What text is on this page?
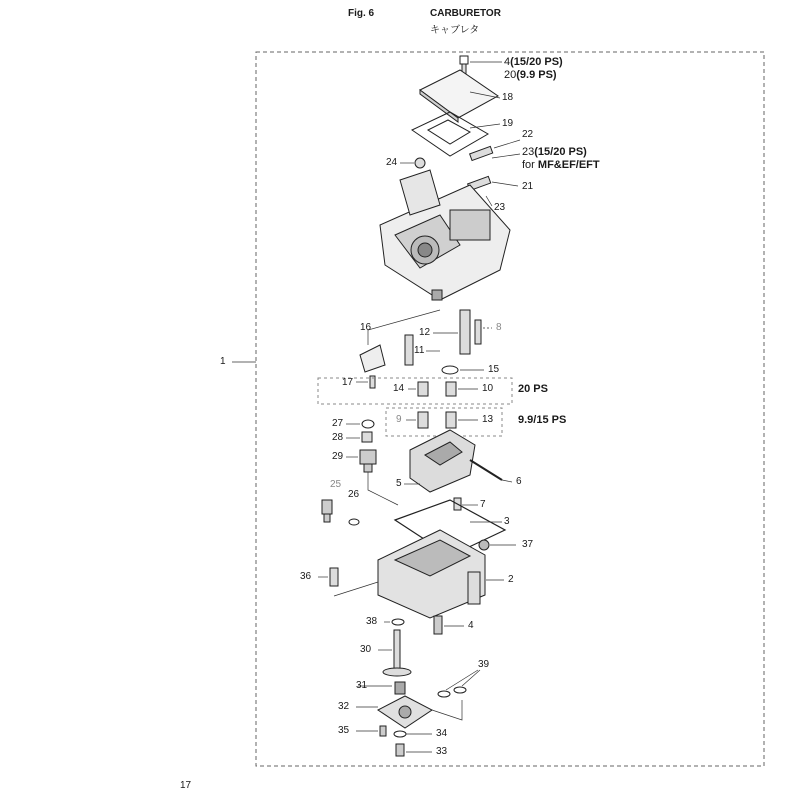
Fig. 6	CARBURETOR
キャブレタ
4(15/20 PS)
20(9.9 PS)
18
19
22
23(15/20 PS)
for MF&EF/EFT
21
23
24
1
16	12	8
11
15
17
14	10 20 PS
9	13 9.9/15 PS
27
28
29
5	6
25
26
7
3
37
36	2
38	4
30
39
31
32
35	34
33
17
